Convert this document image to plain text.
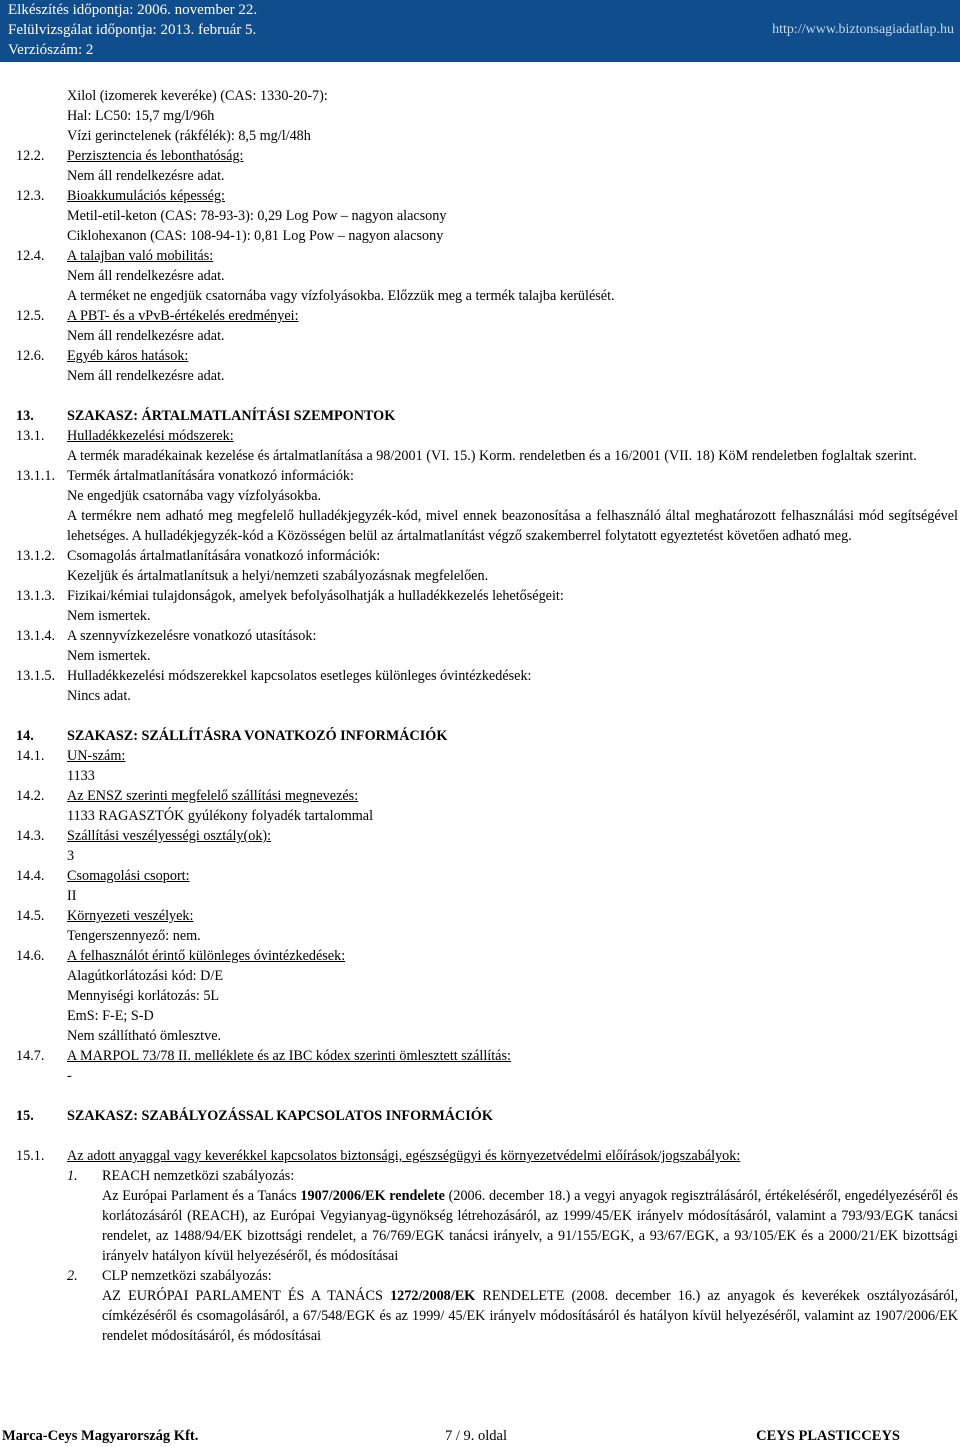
Elkészítés időpontja: 2006. november 22.
Felülvizsgálat időpontja: 2013. február 5.
Verziószám: 2
http://www.biztonsagiadatlap.hu
Xilol (izomerek keveréke) (CAS: 1330-20-7):
Hal: LC50: 15,7 mg/l/96h
Vízi gerinctelenek (rákfélék): 8,5 mg/l/48h
12.2. Perzisztencia és lebonthatóság:
Nem áll rendelkezésre adat.
12.3. Bioakkumulációs képesség:
Metil-etil-keton (CAS: 78-93-3): 0,29 Log Pow – nagyon alacsony
Ciklohexanon (CAS: 108-94-1): 0,81 Log Pow – nagyon alacsony
12.4. A talajban való mobilitás:
Nem áll rendelkezésre adat.
A terméket ne engedjük csatornába vagy vízfolyásokba. Előzzük meg a termék talajba kerülését.
12.5. A PBT- és a vPvB-értékelés eredményei:
Nem áll rendelkezésre adat.
12.6. Egyéb káros hatások:
Nem áll rendelkezésre adat.
13. SZAKASZ: ÁRTALMATLANÍTÁSI SZEMPONTOK
13.1. Hulladékkezelési módszerek:
A termék maradékainak kezelése és ártalmatlanítása a 98/2001 (VI. 15.) Korm. rendeletben és a 16/2001 (VII. 18) KöM rendeletben foglaltak szerint.
13.1.1. Termék ártalmatlanítására vonatkozó információk:
Ne engedjük csatornába vagy vízfolyásokba.
A termékre nem adható meg megfelelő hulladékjegyzék-kód, mivel ennek beazonosítása a felhasználó által meghatározott felhasználási mód segítségével lehetséges. A hulladékjegyzék-kód a Közösségen belül az ártalmatlanítást végző szakemberrel folytatott egyeztetést követően adható meg.
13.1.2. Csomagolás ártalmatlanítására vonatkozó információk:
Kezeljük és ártalmatlanítsuk a helyi/nemzeti szabályozásnak megfelelően.
13.1.3. Fizikai/kémiai tulajdonságok, amelyek befolyásolhatják a hulladékkezelés lehetőségeit:
Nem ismertek.
13.1.4. A szennyvízkezelésre vonatkozó utasítások:
Nem ismertek.
13.1.5. Hulladékkezelési módszerekkel kapcsolatos esetleges különleges óvintézkedések:
Nincs adat.
14. SZAKASZ: SZÁLLÍTÁSRA VONATKOZÓ INFORMÁCIÓK
14.1. UN-szám:
1133
14.2. Az ENSZ szerinti megfelelő szállítási megnevezés:
1133 RAGASZTÓK gyúlékony folyadék tartalommal
14.3. Szállítási veszélyességi osztály(ok):
3
14.4. Csomagolási csoport:
II
14.5. Környezeti veszélyek:
Tengerszennyező: nem.
14.6. A felhasználót érintő különleges óvintézkedések:
Alagútkorlátozási kód: D/E
Mennyiségi korlátozás: 5L
EmS: F-E; S-D
Nem szállítható ömlesztve.
14.7. A MARPOL 73/78 II. melléklete és az IBC kódex szerinti ömlesztett szállítás:
-
15. SZAKASZ: SZABÁLYOZÁSSAL KAPCSOLATOS INFORMÁCIÓK
15.1. Az adott anyaggal vagy keverékkel kapcsolatos biztonsági, egészségügyi és környezetvédelmi előírások/jogszabályok:
1. REACH nemzetközi szabályozás:
Az Európai Parlament és a Tanács 1907/2006/EK rendelete (2006. december 18.) a vegyi anyagok regisztrálásáról, értékeléséről, engedélyezéséről és korlátozásáról (REACH), az Európai Vegyianyag-ügynökség létrehozásáról, az 1999/45/EK irányelv módosításáról, valamint a 793/93/EGK tanácsi rendelet, az 1488/94/EK bizottsági rendelet, a 76/769/EGK tanácsi irányelv, a 91/155/EGK, a 93/67/EGK, a 93/105/EK és a 2000/21/EK bizottsági irányelv hatályon kívül helyezéséről, és módosításai
2. CLP nemzetközi szabályozás:
AZ EURÓPAI PARLAMENT ÉS A TANÁCS 1272/2008/EK RENDELETE (2008. december 16.) az anyagok és keverékek osztályozásáról, címkézéséről és csomagolásáról, a 67/548/EGK és az 1999/ 45/EK irányelv módosításáról és hatályon kívül helyezéséről, valamint az 1907/2006/EK rendelet módosításáról, és módosításai
Marca-Ceys Magyarország Kft.	7 / 9. oldal	CEYS PLASTICCEYS
